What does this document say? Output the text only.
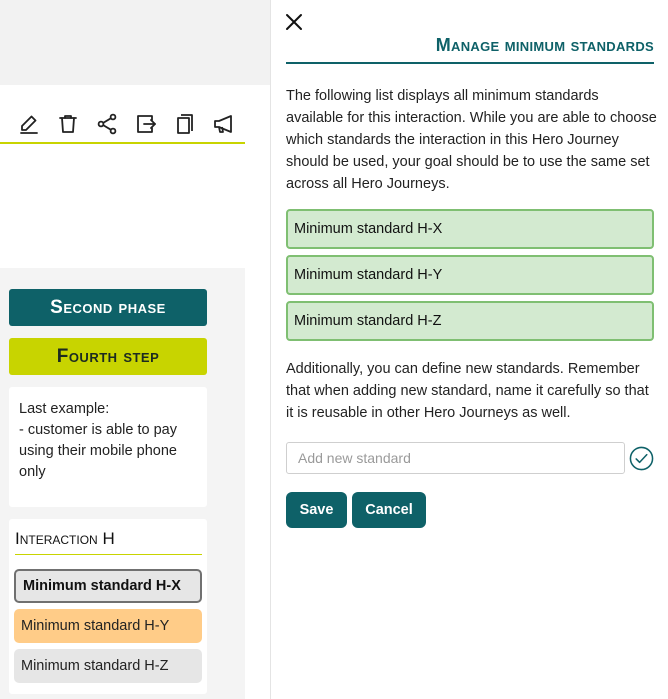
Second phase
Fourth step
Last example:
- customer is able to pay using their mobile phone only
Interaction H
Minimum standard H-X
Minimum standard H-Y
Minimum standard H-Z
Manage minimum standards

The following list displays all minimum standards available for this interaction. While you are able to choose which standards the interaction in this Hero Journey should be used, your goal should be to use the same set across all Hero Journeys.

Minimum standard H-X
Minimum standard H-Y
Minimum standard H-Z

Additionally, you can define new standards. Remember that when adding new standard, name it carefully so that it is reusable in other Hero Journeys as well.

Add new standard
Save	Cancel
